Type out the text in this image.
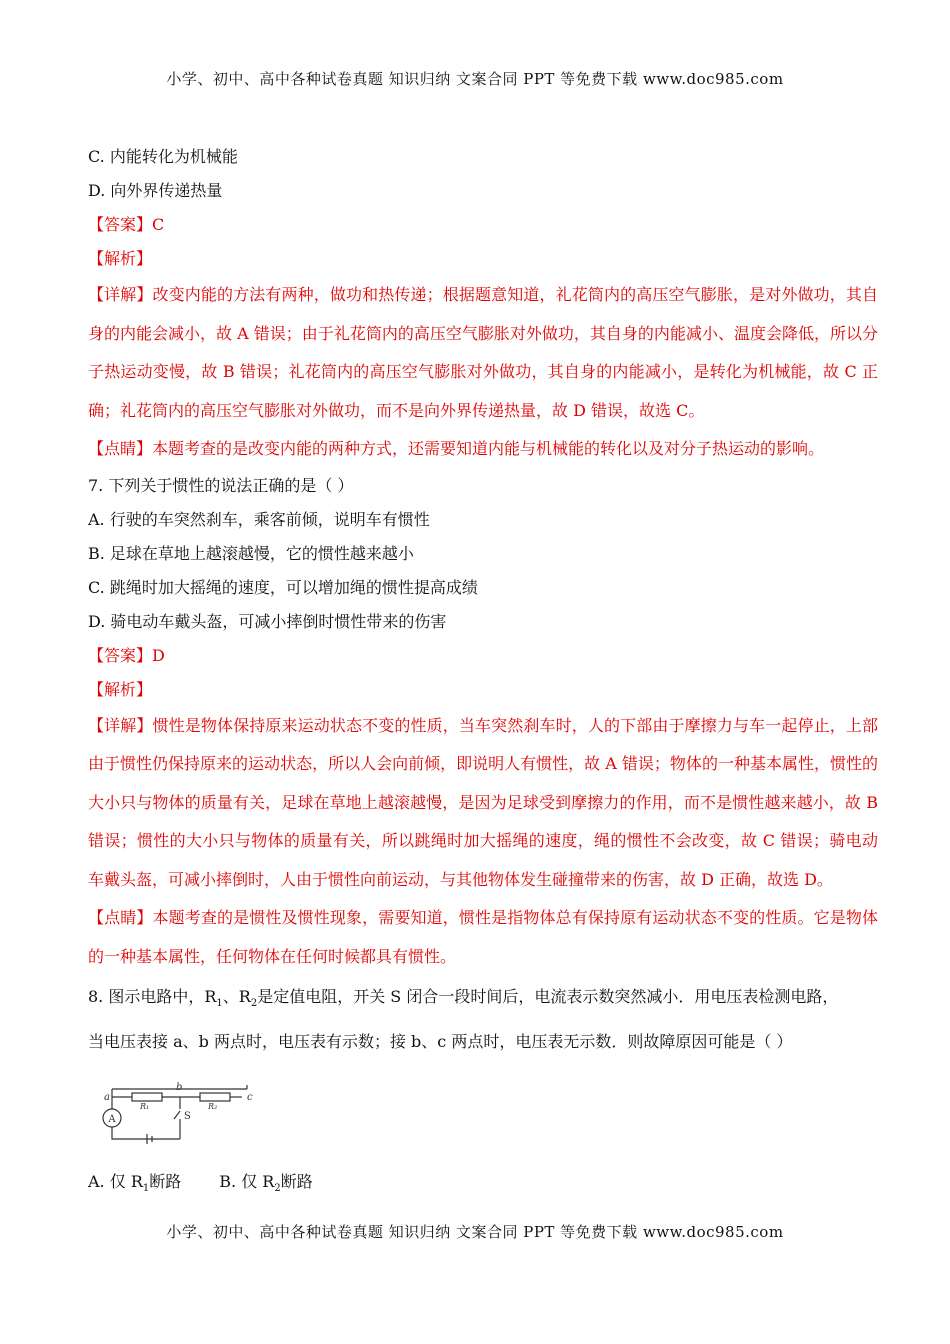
小学、初中、高中各种试卷真题 知识归纳 文案合同 PPT 等免费下载 www.doc985.com

C. 内能转化为机械能

D. 向外界传递热量

【答案】C

【解析】

【详解】改变内能的方法有两种，做功和热传递；根据题意知道，礼花筒内的高压空气膨胀，是对外做功，其自身的内能会减小，故 A 错误；由于礼花筒内的高压空气膨胀对外做功，其自身的内能减小、温度会降低，所以分子热运动变慢，故 B 错误；礼花筒内的高压空气膨胀对外做功，其自身的内能减小，是转化为机械能，故 C 正确；礼花筒内的高压空气膨胀对外做功，而不是向外界传递热量，故 D 错误，故选 C。

【点睛】本题考查的是改变内能的两种方式，还需要知道内能与机械能的转化以及对分子热运动的影响。

7. 下列关于惯性的说法正确的是（ ）

A. 行驶的车突然刹车，乘客前倾，说明车有惯性

B. 足球在草地上越滚越慢，它的惯性越来越小

C. 跳绳时加大摇绳的速度，可以增加绳的惯性提高成绩

D. 骑电动车戴头盔，可减小摔倒时惯性带来的伤害

【答案】D

【解析】

【详解】惯性是物体保持原来运动状态不变的性质，当车突然刹车时，人的下部由于摩擦力与车一起停止，上部由于惯性仍保持原来的运动状态，所以人会向前倾，即说明人有惯性，故 A 错误；物体的一种基本属性，惯性的大小只与物体的质量有关，足球在草地上越滚越慢，是因为足球受到摩擦力的作用，而不是惯性越来越小，故 B 错误；惯性的大小只与物体的质量有关，所以跳绳时加大摇绳的速度，绳的惯性不会改变，故 C 错误；骑电动车戴头盔，可减小摔倒时，人由于惯性向前运动，与其他物体发生碰撞带来的伤害，故 D 正确，故选 D。

【点睛】本题考查的是惯性及惯性现象，需要知道，惯性是指物体总有保持原有运动状态不变的性质。它是物体的一种基本属性，任何物体在任何时候都具有惯性。

8. 图示电路中，$R_1$、$R_2$是定值电阻，开关 S 闭合一段时间后，电流表示数突然减小．用电压表检测电路，

当电压表接 a、b 两点时，电压表有示数；接 b、c 两点时，电压表无示数．则故障原因可能是（ ）

A
a
b
c
R₁	R₂
S

A. 仅 $R_1$断路 B. 仅 $R_2$断路

小学、初中、高中各种试卷真题 知识归纳 文案合同 PPT 等免费下载 www.doc985.com
